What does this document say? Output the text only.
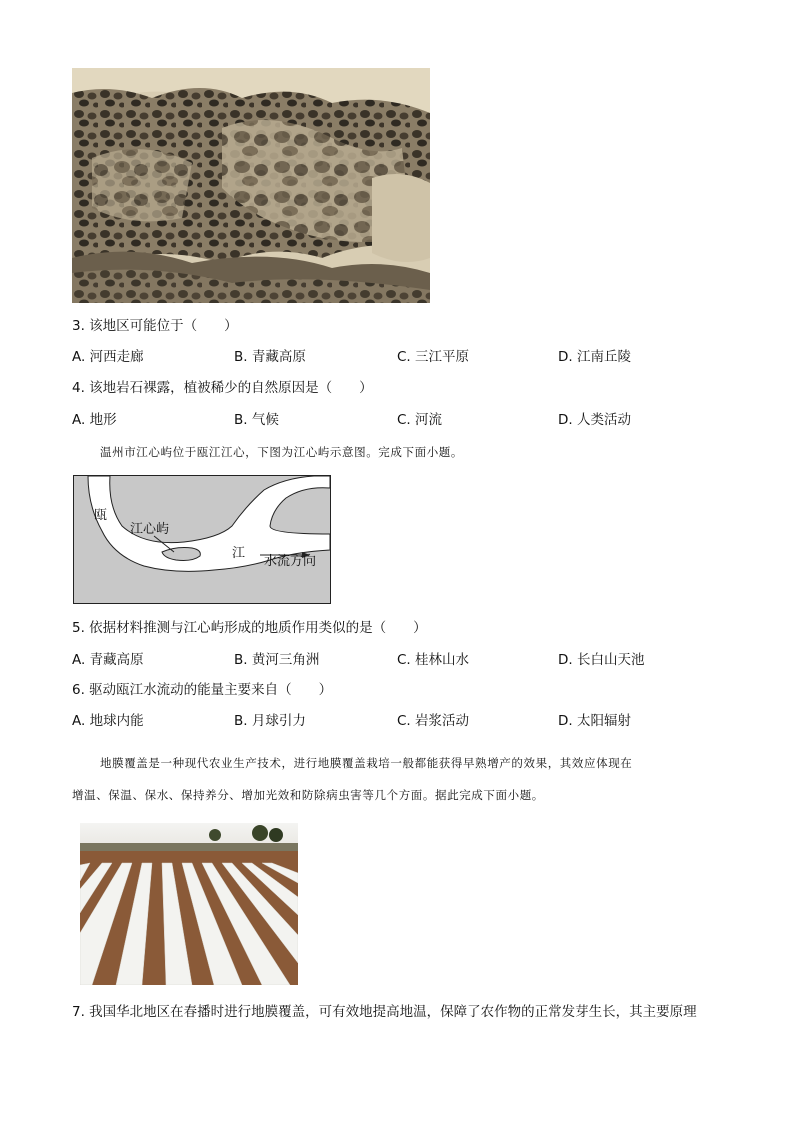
3. 该地区可能位于（　　）
A. 河西走廊	B. 青藏高原	C. 三江平原	D. 江南丘陵
4. 该地岩石裸露，植被稀少的自然原因是（　　）
A. 地形	B. 气候	C. 河流	D. 人类活动
温州市江心屿位于瓯江江心，下图为江心屿示意图。完成下面小题。
瓯
江心屿
江
水流方向
5. 依据材料推测与江心屿形成的地质作用类似的是（　　）
A. 青藏高原	B. 黄河三角洲	C. 桂林山水	D. 长白山天池
6. 驱动瓯江水流动的能量主要来自（　　）
A. 地球内能	B. 月球引力	C. 岩浆活动	D. 太阳辐射
地膜覆盖是一种现代农业生产技术，进行地膜覆盖栽培一般都能获得早熟增产的效果，其效应体现在
增温、保温、保水、保持养分、增加光效和防除病虫害等几个方面。据此完成下面小题。
7. 我国华北地区在春播时进行地膜覆盖，可有效地提高地温，保障了农作物的正常发芽生长，其主要原理
